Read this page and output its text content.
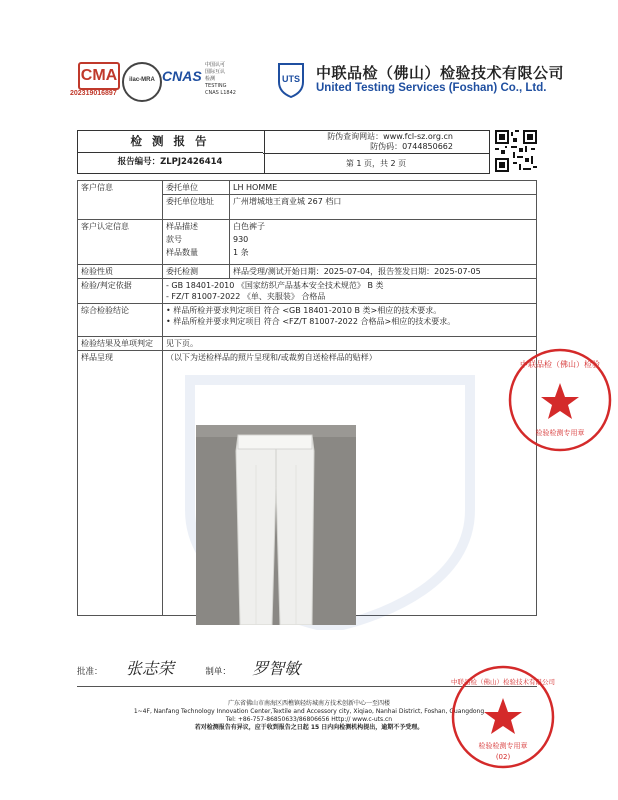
CMA
202319016897
ilac-MRA CNAS
中国认可
国际互认
检测
TESTING
CNAS L1842
UTS 中联品检（佛山）检验技术有限公司
United Testing Services (Foshan) Co., Ltd.
检 测 报 告
报告编号：ZLPJ2426414
防伪查询网站：www.fcl-sz.org.cn
防伪码：0744850662
第 1 页，共 2 页
客户信息	委托单位	LH HOMME
	委托单位地址	广州增城地王商业城 267 档口
客户认定信息	样品描述	白色裤子
	款号	930
	样品数量	1 条
检验性质	委托检测	样品受理/测试开始日期：2025-07-04，报告签发日期：2025-07-05
检验/判定依据	- GB 18401-2010 《国家纺织产品基本安全技术规范》 B 类
- FZ/T 81007-2022 《单、夹服装》 合格品	

综合检验结论	• 样品所检并要求判定项目 符合 <GB 18401-2010 B 类>相应的技术要求。
• 样品所检并要求判定项目 符合 <FZ/T 81007-2022 合格品>相应的技术要求。	

检验结果及单项判定	见下页。	
样品呈现	（以下为送检样品的照片呈现和/或裁剪自送检样品的贴样）	
批准： 张志荣	制单： 罗智敏
广东省佛山市南海区西樵镇轻纺城南方技术创新中心一至四楼
1~4F, Nanfang Technology Innovation Center,Textile and Accessory city, Xiqiao, Nanhai District, Foshan, Guangdong
Tel: +86-757-86850633/86806656 Http:// www.c-uts.cn
若对检测报告有异议，应于收到报告之日起 15 日内向检测机构提出，逾期不予受理。
中联品检（佛山）检验
检验检测专用章
中联品检（佛山）检验技术有限公司
检验检测专用章
(02)
